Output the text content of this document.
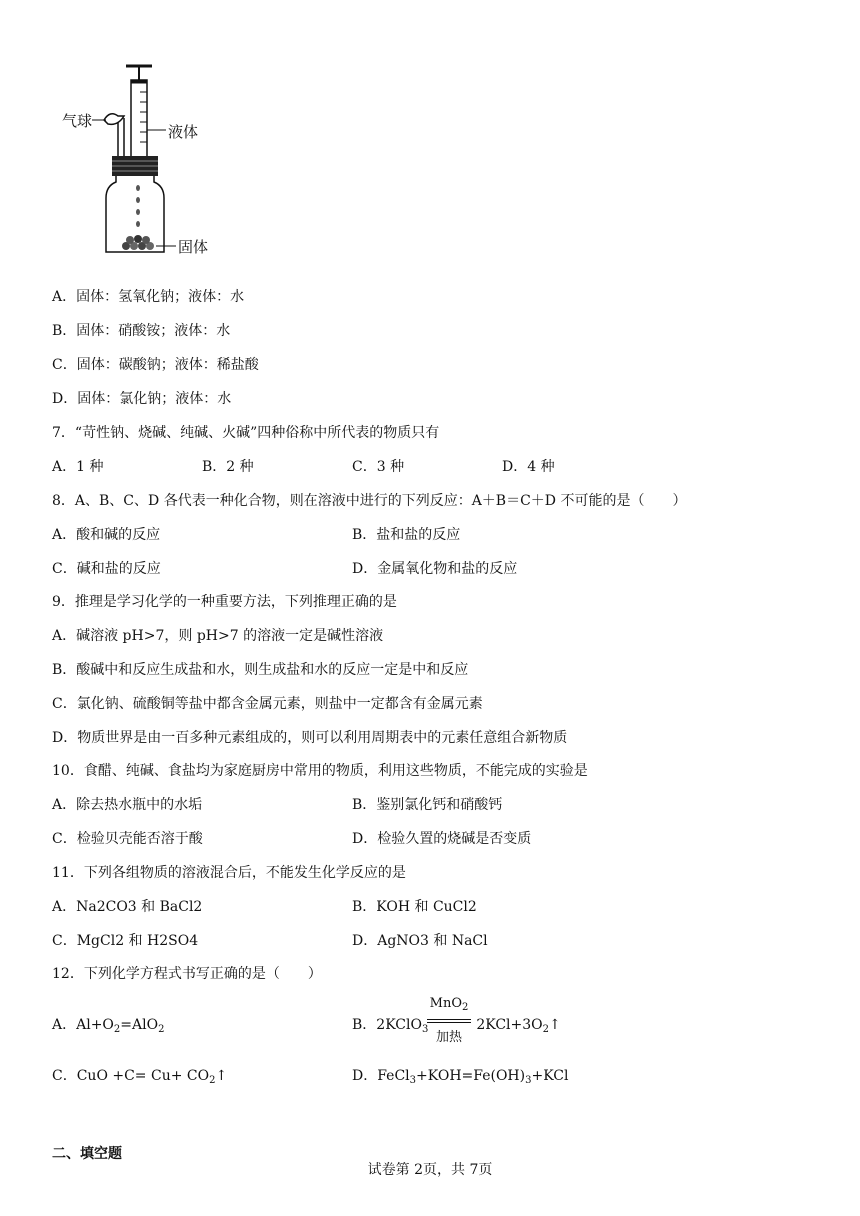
气球
液体
固体
A．固体：氢氧化钠；液体：水
B．固体：硝酸铵；液体：水
C．固体：碳酸钠；液体：稀盐酸
D．固体：氯化钠；液体：水
7．“苛性钠、烧碱、纯碱、火碱”四种俗称中所代表的物质只有
A．1 种	B．2 种	C．3 种	D．4 种
8．A、B、C、D 各代表一种化合物，则在溶液中进行的下列反应：A＋B＝C＋D 不可能的是（　　）
A．酸和碱的反应	B．盐和盐的反应
C．碱和盐的反应	D．金属氧化物和盐的反应
9．推理是学习化学的一种重要方法，下列推理正确的是
A．碱溶液 pH>7，则 pH>7 的溶液一定是碱性溶液
B．酸碱中和反应生成盐和水，则生成盐和水的反应一定是中和反应
C．氯化钠、硫酸铜等盐中都含金属元素，则盐中一定都含有金属元素
D．物质世界是由一百多种元素组成的，则可以利用周期表中的元素任意组合新物质
10．食醋、纯碱、食盐均为家庭厨房中常用的物质，利用这些物质，不能完成的实验是
A．除去热水瓶中的水垢	B．鉴别氯化钙和硝酸钙
C．检验贝壳能否溶于酸	D．检验久置的烧碱是否变质
11．下列各组物质的溶液混合后，不能发生化学反应的是
A．Na2CO3 和 BaCl2	B．KOH 和 CuCl2
C．MgCl2 和 H2SO4	D．AgNO3 和 NaCl
12．下列化学方程式书写正确的是（　　）
A．$Al+O_2=AlO_2$	B．2KClO$_3$	$2KCl+3O_2↑$
MnO$_2$
加热
C．CuO $+C= Cu+ CO_2↑$	D．$FeCl_3+KOH=Fe(OH)_3+KCl$
二、填空题
试卷第 2页，共 7页
